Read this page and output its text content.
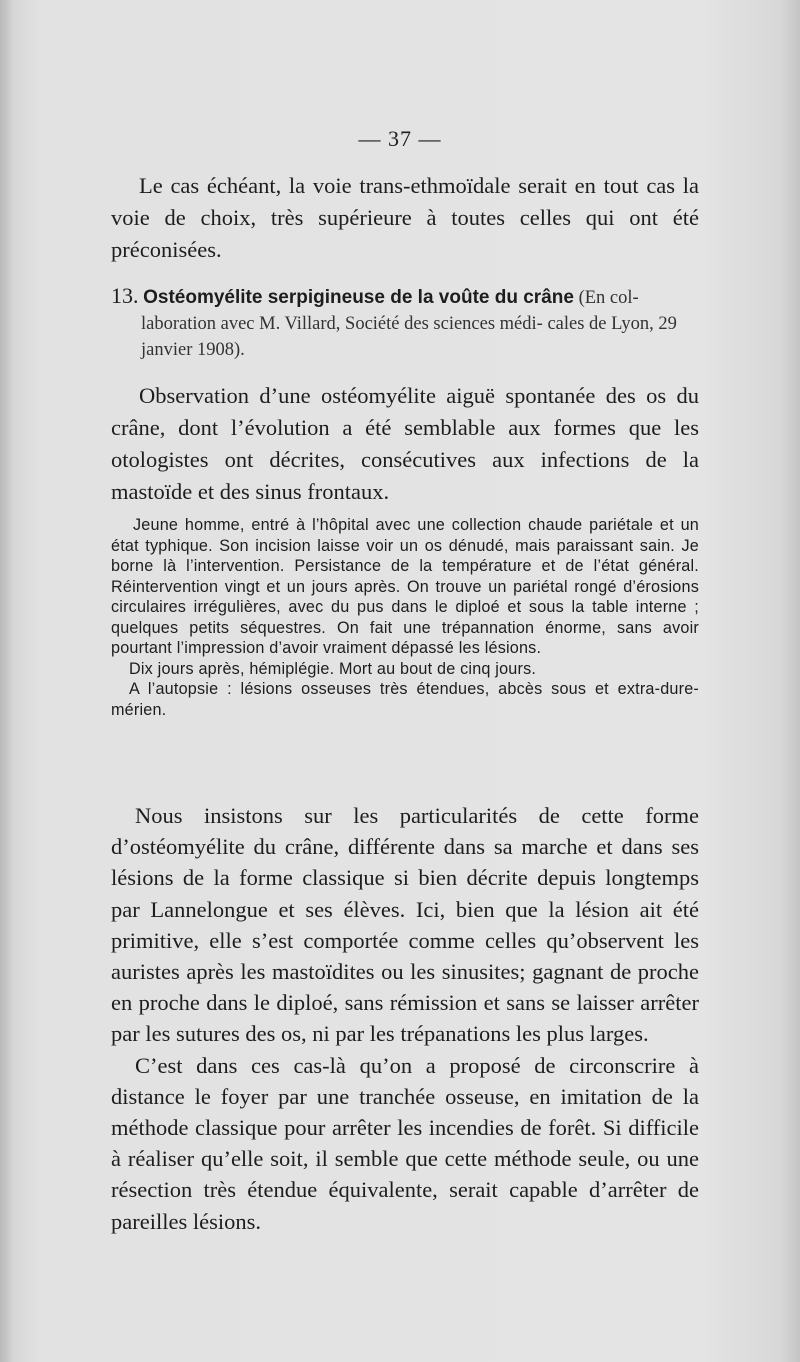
— 37 —
Le cas échéant, la voie trans-ethmoïdale serait en tout cas la voie de choix, très supérieure à toutes celles qui ont été préconisées.
13. Ostéomyélite serpigineuse de la voûte du crâne (En col-
laboration avec M. Villard, Société des sciences médi- cales de Lyon, 29 janvier 1908).
Observation d’une ostéomyélite aiguë spontanée des os du crâne, dont l’évolution a été semblable aux formes que les otologistes ont décrites, consécutives aux infections de la mastoïde et des sinus frontaux.

Jeune homme, entré à l’hôpital avec une collection chaude pariétale et un état typhique. Son incision laisse voir un os dénudé, mais paraissant sain. Je borne là l’intervention. Persistance de la température et de l’état général. Réintervention vingt et un jours après. On trouve un pariétal rongé d’érosions circulaires irrégulières, avec du pus dans le diploé et sous la table interne ; quelques petits séquestres. On fait une trépannation énorme, sans avoir pourtant l’impression d’avoir vraiment dépassé les lésions.

Dix jours après, hémiplégie. Mort au bout de cinq jours.

A l’autopsie : lésions osseuses très étendues, abcès sous et extra-dure-mérien.

Nous insistons sur les particularités de cette forme d’ostéomyélite du crâne, différente dans sa marche et dans ses lésions de la forme classique si bien décrite depuis longtemps par Lannelongue et ses élèves. Ici, bien que la lésion ait été primitive, elle s’est comportée comme celles qu’observent les auristes après les mastoïdites ou les sinusites; gagnant de proche en proche dans le diploé, sans rémission et sans se laisser arrêter par les sutures des os, ni par les trépanations les plus larges.

C’est dans ces cas-là qu’on a proposé de circonscrire à distance le foyer par une tranchée osseuse, en imitation de la méthode classique pour arrêter les incendies de forêt. Si difficile à réaliser qu’elle soit, il semble que cette méthode seule, ou une résection très étendue équivalente, serait capable d’arrêter de pareilles lésions.
